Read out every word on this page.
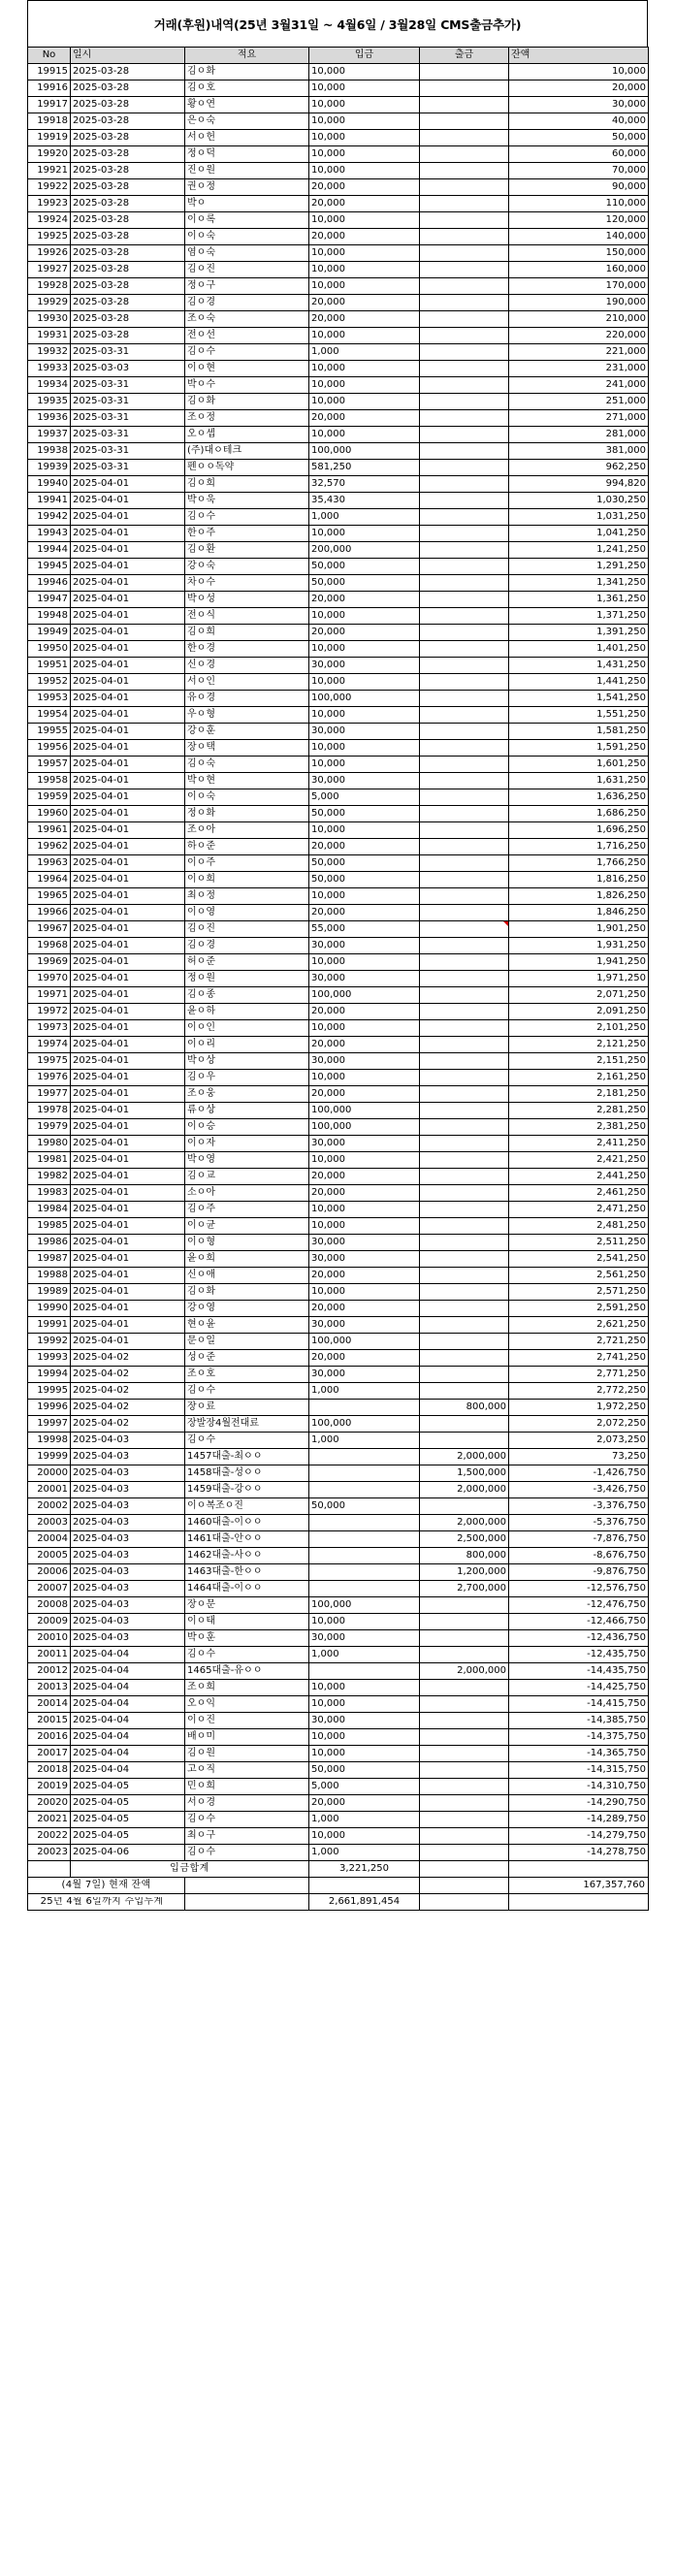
거래(후원)내역(25년 3월31일 ~ 4월6일 / 3월28일 CMS출금추가)
No	일시	적요	입금	출금	잔액
19915	2025-03-28	김ㅇ화	10,000		10,000
19916	2025-03-28	김ㅇ호	10,000		20,000
19917	2025-03-28	황ㅇ연	10,000		30,000
19918	2025-03-28	은ㅇ숙	10,000		40,000
19919	2025-03-28	서ㅇ헌	10,000		50,000
19920	2025-03-28	정ㅇ덕	10,000		60,000
19921	2025-03-28	진ㅇ원	10,000		70,000
19922	2025-03-28	권ㅇ정	20,000		90,000
19923	2025-03-28	박ㅇ	20,000		110,000
19924	2025-03-28	이ㅇ록	10,000		120,000
19925	2025-03-28	이ㅇ숙	20,000		140,000
19926	2025-03-28	염ㅇ숙	10,000		150,000
19927	2025-03-28	김ㅇ진	10,000		160,000
19928	2025-03-28	정ㅇ구	10,000		170,000
19929	2025-03-28	김ㅇ경	20,000		190,000
19930	2025-03-28	조ㅇ숙	20,000		210,000
19931	2025-03-28	전ㅇ선	10,000		220,000
19932	2025-03-31	김ㅇ수	1,000		221,000
19933	2025-03-03	이ㅇ현	10,000		231,000
19934	2025-03-31	박ㅇ수	10,000		241,000
19935	2025-03-31	김ㅇ화	10,000		251,000
19936	2025-03-31	조ㅇ정	20,000		271,000
19937	2025-03-31	오ㅇ셉	10,000		281,000
19938	2025-03-31	(주)대ㅇ테크	100,000		381,000
19939	2025-03-31	펜ㅇㅇ독약	581,250		962,250
19940	2025-04-01	김ㅇ희	32,570		994,820
19941	2025-04-01	박ㅇ욱	35,430		1,030,250
19942	2025-04-01	김ㅇ수	1,000		1,031,250
19943	2025-04-01	한ㅇ주	10,000		1,041,250
19944	2025-04-01	김ㅇ환	200,000		1,241,250
19945	2025-04-01	강ㅇ숙	50,000		1,291,250
19946	2025-04-01	차ㅇ수	50,000		1,341,250
19947	2025-04-01	박ㅇ성	20,000		1,361,250
19948	2025-04-01	전ㅇ식	10,000		1,371,250
19949	2025-04-01	김ㅇ희	20,000		1,391,250
19950	2025-04-01	한ㅇ경	10,000		1,401,250
19951	2025-04-01	신ㅇ경	30,000		1,431,250
19952	2025-04-01	서ㅇ인	10,000		1,441,250
19953	2025-04-01	유ㅇ경	100,000		1,541,250
19954	2025-04-01	우ㅇ형	10,000		1,551,250
19955	2025-04-01	강ㅇ훈	30,000		1,581,250
19956	2025-04-01	장ㅇ택	10,000		1,591,250
19957	2025-04-01	김ㅇ숙	10,000		1,601,250
19958	2025-04-01	박ㅇ현	30,000		1,631,250
19959	2025-04-01	이ㅇ숙	5,000		1,636,250
19960	2025-04-01	정ㅇ화	50,000		1,686,250
19961	2025-04-01	조ㅇ아	10,000		1,696,250
19962	2025-04-01	하ㅇ준	20,000		1,716,250
19963	2025-04-01	이ㅇ주	50,000		1,766,250
19964	2025-04-01	이ㅇ희	50,000		1,816,250
19965	2025-04-01	최ㅇ정	10,000		1,826,250
19966	2025-04-01	이ㅇ영	20,000		1,846,250
19967	2025-04-01	김ㅇ진	55,000		1,901,250
19968	2025-04-01	김ㅇ경	30,000		1,931,250
19969	2025-04-01	허ㅇ준	10,000		1,941,250
19970	2025-04-01	정ㅇ원	30,000		1,971,250
19971	2025-04-01	김ㅇ종	100,000		2,071,250
19972	2025-04-01	윤ㅇ하	20,000		2,091,250
19973	2025-04-01	이ㅇ인	10,000		2,101,250
19974	2025-04-01	이ㅇ리	20,000		2,121,250
19975	2025-04-01	박ㅇ상	30,000		2,151,250
19976	2025-04-01	김ㅇ우	10,000		2,161,250
19977	2025-04-01	조ㅇ웅	20,000		2,181,250
19978	2025-04-01	류ㅇ상	100,000		2,281,250
19979	2025-04-01	이ㅇ승	100,000		2,381,250
19980	2025-04-01	이ㅇ자	30,000		2,411,250
19981	2025-04-01	박ㅇ영	10,000		2,421,250
19982	2025-04-01	김ㅇ교	20,000		2,441,250
19983	2025-04-01	소ㅇ아	20,000		2,461,250
19984	2025-04-01	김ㅇ주	10,000		2,471,250
19985	2025-04-01	이ㅇ균	10,000		2,481,250
19986	2025-04-01	이ㅇ형	30,000		2,511,250
19987	2025-04-01	윤ㅇ희	30,000		2,541,250
19988	2025-04-01	신ㅇ애	20,000		2,561,250
19989	2025-04-01	김ㅇ화	10,000		2,571,250
19990	2025-04-01	강ㅇ영	20,000		2,591,250
19991	2025-04-01	현ㅇ윤	30,000		2,621,250
19992	2025-04-01	문ㅇ일	100,000		2,721,250
19993	2025-04-02	성ㅇ준	20,000		2,741,250
19994	2025-04-02	조ㅇ호	30,000		2,771,250
19995	2025-04-02	김ㅇ수	1,000		2,772,250
19996	2025-04-02	장ㅇ료		800,000	1,972,250
19997	2025-04-02	장발장4월전대료	100,000		2,072,250
19998	2025-04-03	김ㅇ수	1,000		2,073,250
19999	2025-04-03	1457대출-최ㅇㅇ		2,000,000	73,250
20000	2025-04-03	1458대출-성ㅇㅇ		1,500,000	-1,426,750
20001	2025-04-03	1459대출-강ㅇㅇ		2,000,000	-3,426,750
20002	2025-04-03	이ㅇ복조ㅇ진	50,000		-3,376,750
20003	2025-04-03	1460대출-이ㅇㅇ		2,000,000	-5,376,750
20004	2025-04-03	1461대출-안ㅇㅇ		2,500,000	-7,876,750
20005	2025-04-03	1462대출-사ㅇㅇ		800,000	-8,676,750
20006	2025-04-03	1463대출-한ㅇㅇ		1,200,000	-9,876,750
20007	2025-04-03	1464대출-이ㅇㅇ		2,700,000	-12,576,750
20008	2025-04-03	장ㅇ문	100,000		-12,476,750
20009	2025-04-03	이ㅇ태	10,000		-12,466,750
20010	2025-04-03	박ㅇ훈	30,000		-12,436,750
20011	2025-04-04	김ㅇ수	1,000		-12,435,750
20012	2025-04-04	1465대출-유ㅇㅇ		2,000,000	-14,435,750
20013	2025-04-04	조ㅇ희	10,000		-14,425,750
20014	2025-04-04	오ㅇ익	10,000		-14,415,750
20015	2025-04-04	이ㅇ진	30,000		-14,385,750
20016	2025-04-04	배ㅇ미	10,000		-14,375,750
20017	2025-04-04	김ㅇ원	10,000		-14,365,750
20018	2025-04-04	고ㅇ직	50,000		-14,315,750
20019	2025-04-05	민ㅇ희	5,000		-14,310,750
20020	2025-04-05	서ㅇ경	20,000		-14,290,750
20021	2025-04-05	김ㅇ수	1,000		-14,289,750
20022	2025-04-05	최ㅇ구	10,000		-14,279,750
20023	2025-04-06	김ㅇ수	1,000		-14,278,750
	입금합계		3,221,250		
(4월 7일) 현재 잔액					167,357,760

25년 4월 6일까지 수입누계			2,661,891,454		
